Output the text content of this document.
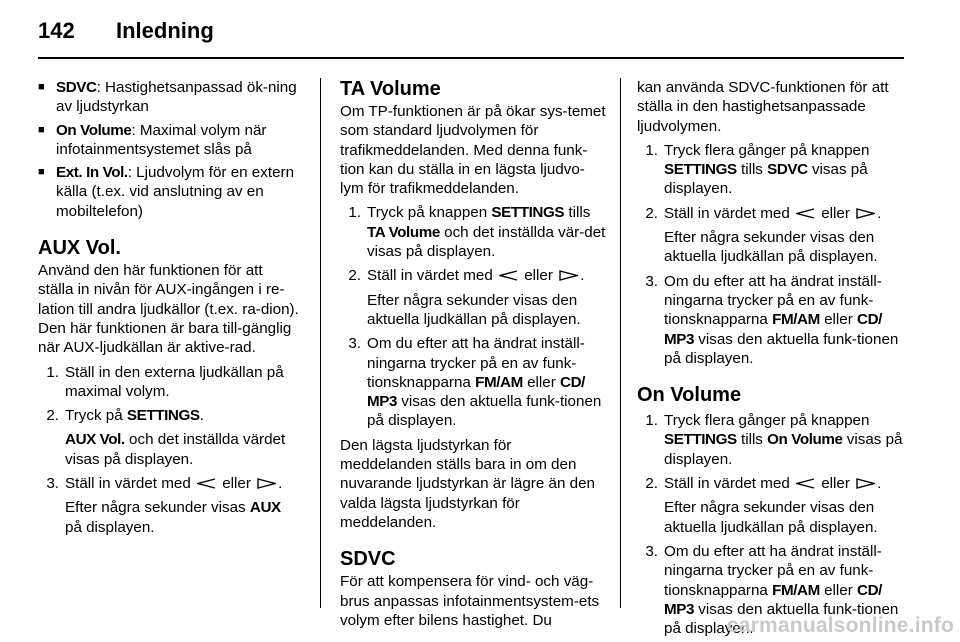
142 Inledning
■ SDVC: Hastighetsanpassad ök-ning av ljudstyrkan
■ On Volume: Maximal volym när infotainmentsystemet slås på
■ Ext. In Vol.: Ljudvolym för en extern källa (t.ex. vid anslutning av en mobiltelefon)
AUX Vol.

Använd den här funktionen för att ställa in nivån för AUX-ingången i re-lation till andra ljudkällor (t.ex. ra-dion). Den här funktionen är bara till-gänglig när AUX-ljudkällan är aktive-rad.

1. Ställ in den externa ljudkällan på maximal volym.
2. Tryck på SETTINGS.
AUX Vol. och det inställda värdet visas på displayen.
3. Ställ in värdet med  eller .
Efter några sekunder visas AUX på displayen.
TA Volume

Om TP-funktionen är på ökar sys-temet som standard ljudvolymen för trafikmeddelanden. Med denna funk-tion kan du ställa in en lägsta ljudvo-lym för trafikmeddelanden.

1. Tryck på knappen SETTINGS tills TA Volume och det inställda vär-det visas på displayen.
2. Ställ in värdet med  eller .
Efter några sekunder visas den aktuella ljudkällan på displayen.
3. Om du efter att ha ändrat inställ-ningarna trycker på en av funk-tionsknapparna FM/AM eller CD/ MP3 visas den aktuella funk-tionen på displayen.

Den lägsta ljudstyrkan för meddelanden ställs bara in om den nuvarande ljudstyrkan är lägre än den valda lägsta ljudstyrkan för meddelanden.

SDVC

För att kompensera för vind- och väg-brus anpassas infotainmentsystem-ets volym efter bilens hastighet. Du

kan använda SDVC-funktionen för att ställa in den hastighetsanpassade ljudvolymen.

1. Tryck flera gånger på knappen SETTINGS tills SDVC visas på displayen.
2. Ställ in värdet med  eller .
Efter några sekunder visas den aktuella ljudkällan på displayen.
3. Om du efter att ha ändrat inställ-ningarna trycker på en av funk-tionsknapparna FM/AM eller CD/ MP3 visas den aktuella funk-tionen på displayen.
On Volume
1. Tryck flera gånger på knappen SETTINGS tills On Volume visas på displayen.
2. Ställ in värdet med  eller .
Efter några sekunder visas den aktuella ljudkällan på displayen.
3. Om du efter att ha ändrat inställ-ningarna trycker på en av funk-tionsknapparna FM/AM eller CD/ MP3 visas den aktuella funk-tionen på displayen.
carmanualsonline.info
